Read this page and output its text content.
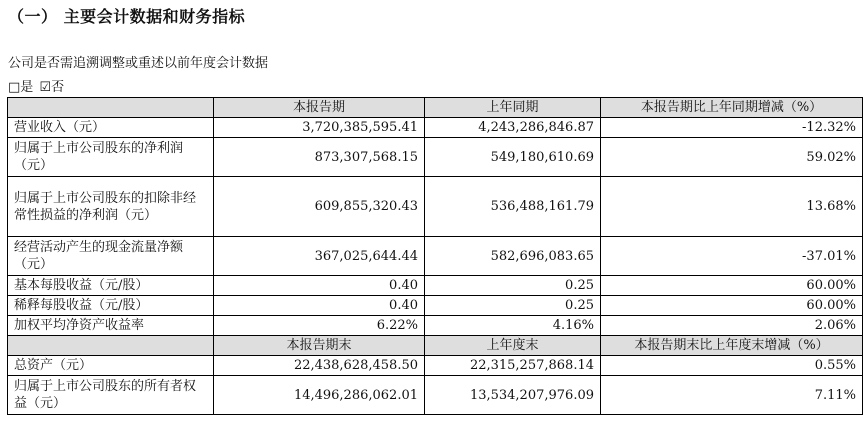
（一） 主要会计数据和财务指标
公司是否需追溯调整或重述以前年度会计数据
□是 ☑否
	本报告期	上年同期	本报告期比上年同期增减（%）
营业收入（元）	3,720,385,595.41	4,243,286,846.87	-12.32%
归属于上市公司股东的净利润（元）	873,307,568.15	549,180,610.69	59.02%
归属于上市公司股东的扣除非经常性损益的净利润（元）	609,855,320.43	536,488,161.79	13.68%
经营活动产生的现金流量净额（元）	367,025,644.44	582,696,083.65	-37.01%
基本每股收益（元/股）	0.40	0.25	60.00%
稀释每股收益（元/股）	0.40	0.25	60.00%
加权平均净资产收益率	6.22%	4.16%	2.06%
	本报告期末	上年度末	本报告期末比上年度末增减（%）
总资产（元）	22,438,628,458.50	22,315,257,868.14	0.55%
归属于上市公司股东的所有者权益（元）	14,496,286,062.01	13,534,207,976.09	7.11%
